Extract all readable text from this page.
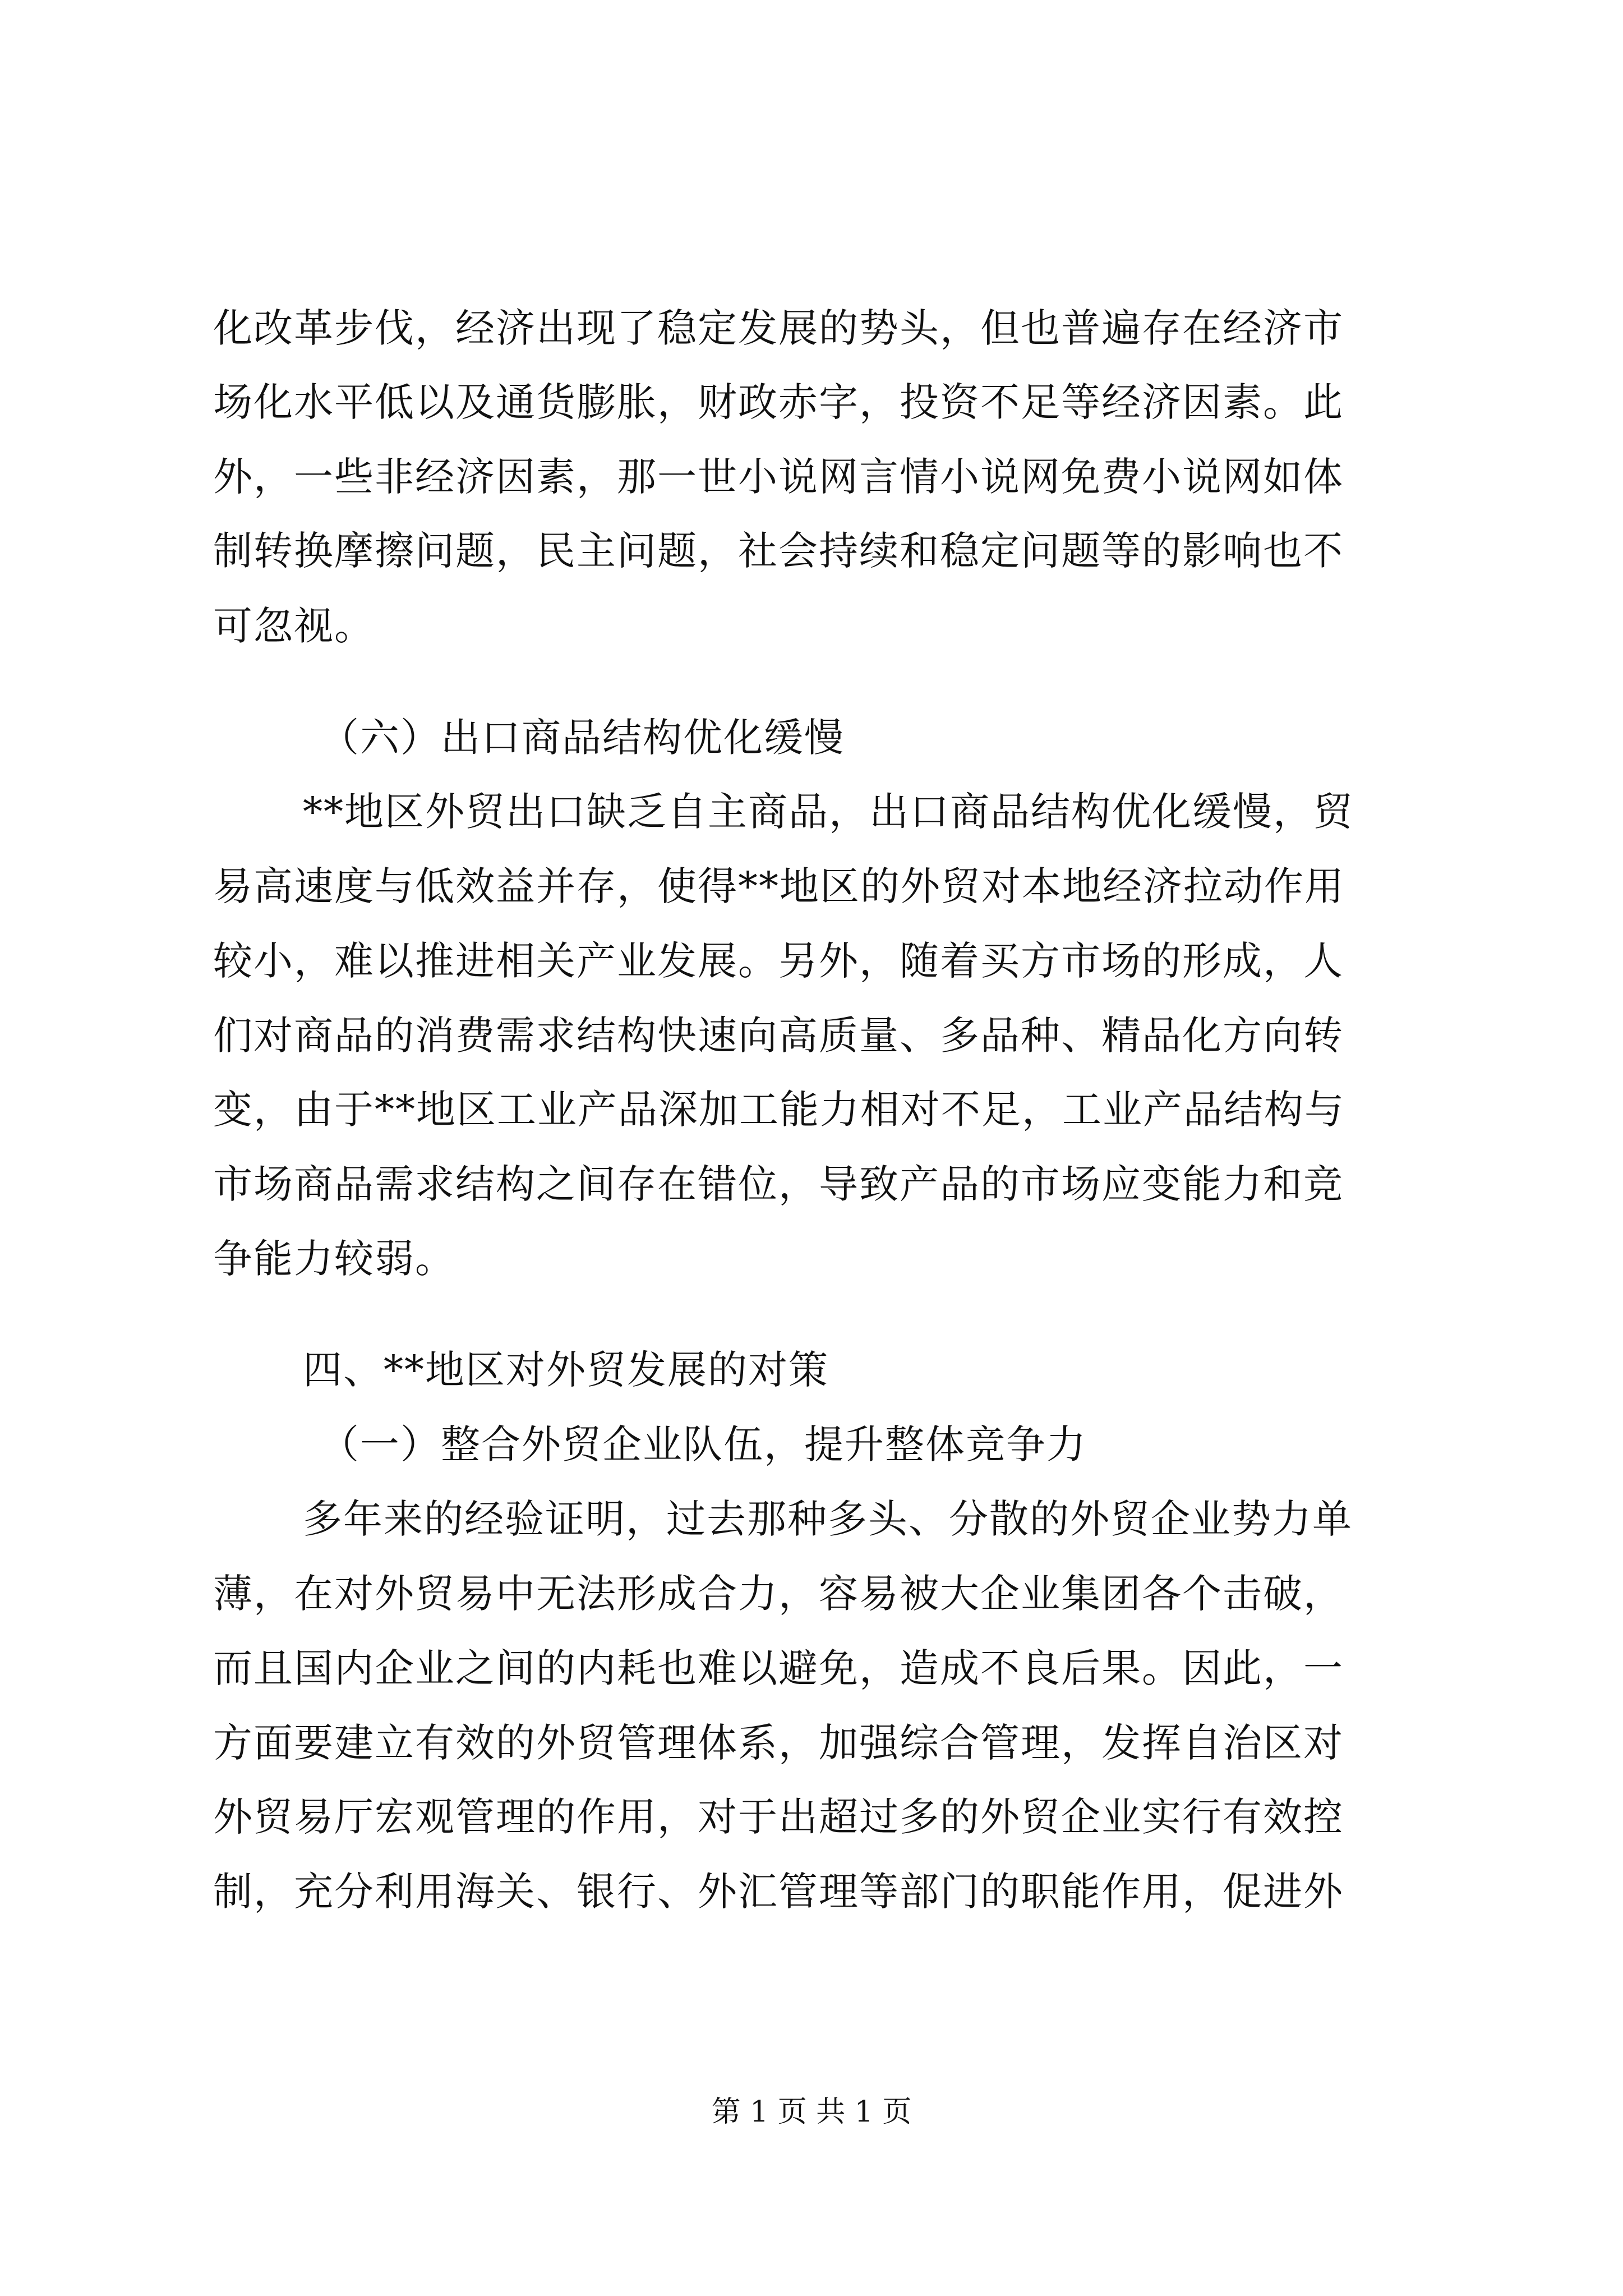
化改革步伐，经济出现了稳定发展的势头，但也普遍存在经济市
场化水平低以及通货膨胀，财政赤字，投资不足等经济因素。此
外，一些非经济因素，那一世小说网言情小说网免费小说网如体
制转换摩擦问题，民主问题，社会持续和稳定问题等的影响也不
可忽视。
（六）出口商品结构优化缓慢
**地区外贸出口缺乏自主商品，出口商品结构优化缓慢，贸
易高速度与低效益并存，使得**地区的外贸对本地经济拉动作用
较小，难以推进相关产业发展。另外，随着买方市场的形成，人
们对商品的消费需求结构快速向高质量、多品种、精品化方向转
变，由于**地区工业产品深加工能力相对不足，工业产品结构与
市场商品需求结构之间存在错位，导致产品的市场应变能力和竞
争能力较弱。
四、**地区对外贸发展的对策
（一）整合外贸企业队伍，提升整体竞争力
多年来的经验证明，过去那种多头、分散的外贸企业势力单
薄，在对外贸易中无法形成合力，容易被大企业集团各个击破，
而且国内企业之间的内耗也难以避免，造成不良后果。因此，一
方面要建立有效的外贸管理体系，加强综合管理，发挥自治区对
外贸易厅宏观管理的作用，对于出超过多的外贸企业实行有效控
制，充分利用海关、银行、外汇管理等部门的职能作用，促进外
第 1 页 共 1 页
